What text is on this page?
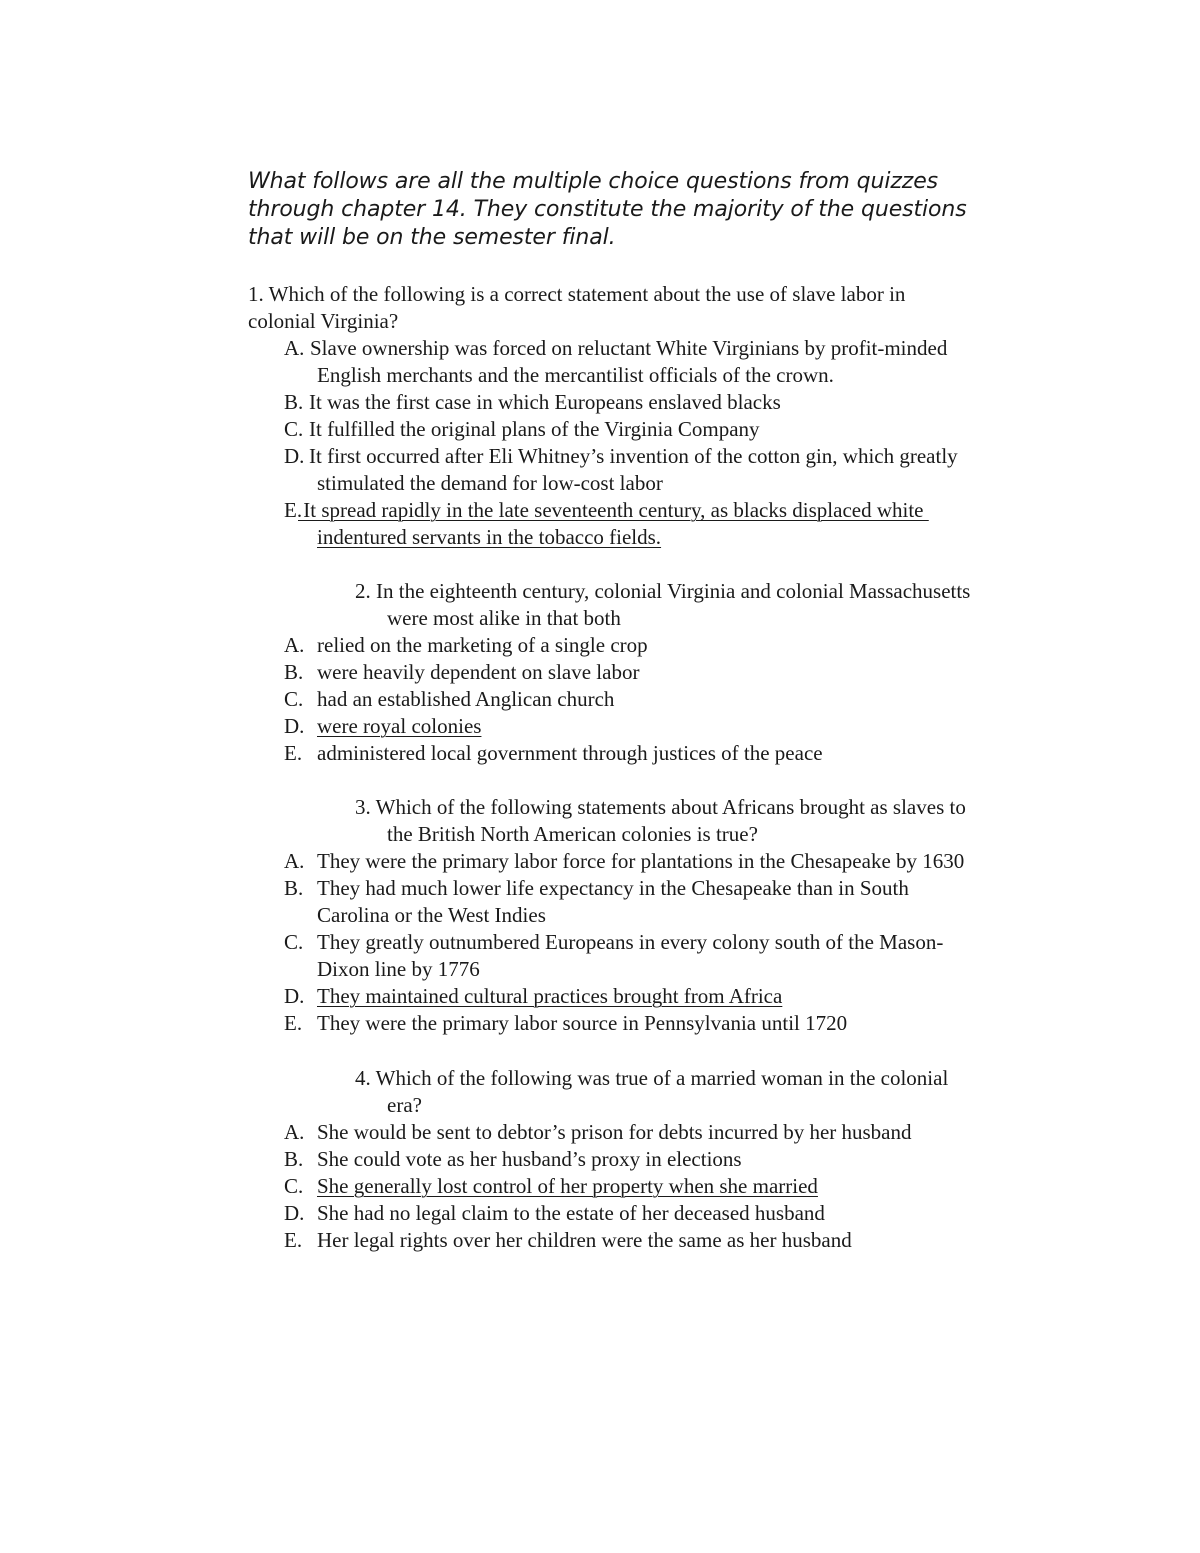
What follows are all the multiple choice questions from quizzes
through chapter 14. They constitute the majority of the questions
that will be on the semester final.
1. Which of the following is a correct statement about the use of slave labor in
colonial Virginia?
A. Slave ownership was forced on reluctant White Virginians by profit-minded
English merchants and the mercantilist officials of the crown.
B. It was the first case in which Europeans enslaved blacks
C. It fulfilled the original plans of the Virginia Company
D. It first occurred after Eli Whitney’s invention of the cotton gin, which greatly
stimulated the demand for low-cost labor
E.
It spread rapidly in the late seventeenth century, as blacks displaced white
indentured servants in the tobacco fields.
2. In the eighteenth century, colonial Virginia and colonial Massachusetts
were most alike in that both
A. relied on the marketing of a single crop
B. were heavily dependent on slave labor
C. had an established Anglican church
D. were royal colonies
E. administered local government through justices of the peace
3. Which of the following statements about Africans brought as slaves to
the British North American colonies is true?
A. They were the primary labor force for plantations in the Chesapeake by 1630
B. They had much lower life expectancy in the Chesapeake than in South
Carolina or the West Indies
C. They greatly outnumbered Europeans in every colony south of the Mason-
Dixon line by 1776
D. They maintained cultural practices brought from Africa
E. They were the primary labor source in Pennsylvania until 1720
4. Which of the following was true of a married woman in the colonial
era?
A. She would be sent to debtor’s prison for debts incurred by her husband
B. She could vote as her husband’s proxy in elections
C. She generally lost control of her property when she married
D. She had no legal claim to the estate of her deceased husband
E. Her legal rights over her children were the same as her husband
